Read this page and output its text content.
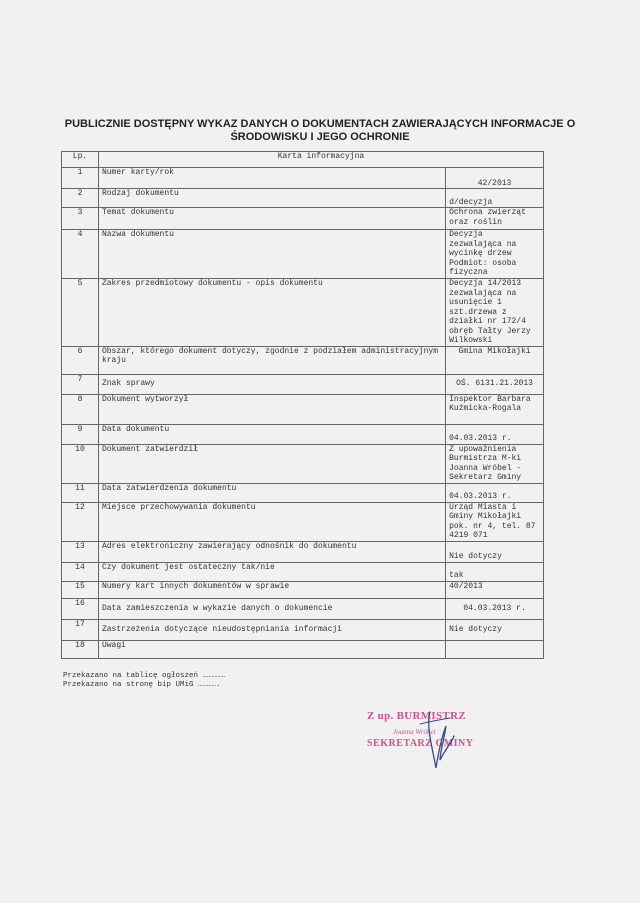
PUBLICZNIE DOSTĘPNY WYKAZ DANYCH O DOKUMENTACH ZAWIERAJĄCYCH INFORMACJE O
ŚRODOWISKU I JEGO OCHRONIE
Lp.	Karta informacyjna	
1	Numer karty/rok	42/2013
2	Rodzaj dokumentu	d/decyzja
3	Temat dokumentu	Ochrona zwierząt oraz roślin
4	Nazwa dokumentu	Decyzja zezwalająca na wycinkę drzew Podmiot: osoba fizyczna
5	Zakres przedmiotowy dokumentu - opis dokumentu	Decyzja 14/2013 zezwalająca na usunięcie 1 szt.drzewa z działki nr 172/4 obręb Tałty Jerzy Wilkowski
6	Obszar, którego dokument dotyczy, zgodnie z podziałem administracyjnym kraju	Gmina Mikołajki
7	Znak sprawy	OŚ. 6131.21.2013
8	Dokument wytworzył	Inspektor Barbara Kuźmicka-Rogala
9	Data dokumentu	04.03.2013 r.
10	Dokument zatwierdził	Z upoważnienia Burmistrza M-ki Joanna Wróbel - Sekretarz Gminy
11	Data zatwierdzenia dokumentu	04.03.2013 r.
12	Miejsce przechowywania dokumentu	Urząd Miasta i Gminy Mikołajki pok. nr 4, tel. 87 4219 071
13	Adres elektroniczny zawierający odnośnik do dokumentu	Nie dotyczy
14	Czy dokument jest ostateczny tak/nie	tak
15	Numery kart innych dokumentów w sprawie	40/2013
16	Data zamieszczenia w wykazie danych o dokumencie	04.03.2013 r.
17	Zastrzeżenia dotyczące nieudostępniania informacji	Nie dotyczy
18	Uwagi	
Przekazano na tablicę ogłoszeń ……………
Przekazano na stronę bip UMiG ………….
Z up. BURMISTRZ
Joanna Wróbel
SEKRETARZ GMINY
